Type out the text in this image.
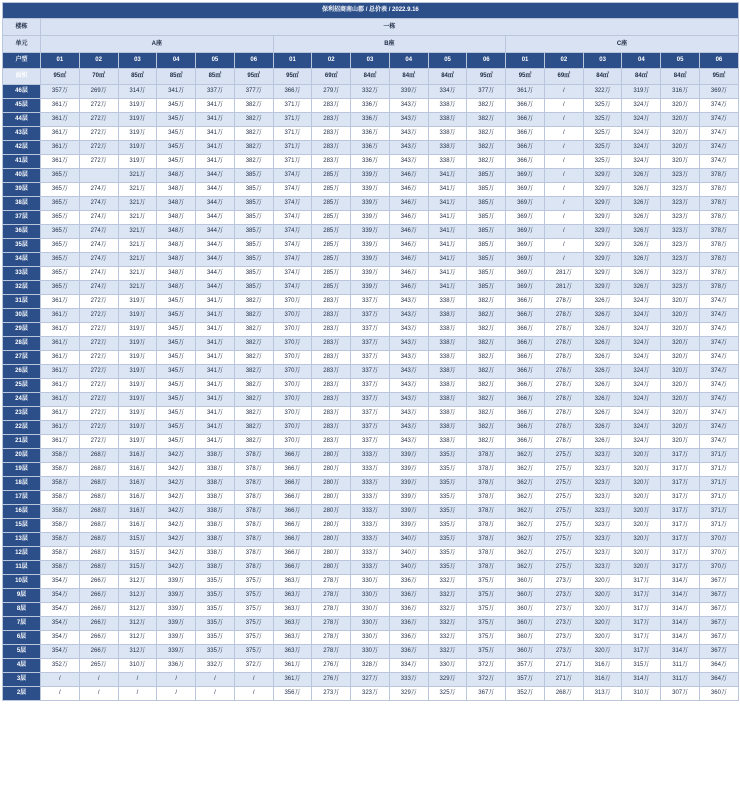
保利招商南山郡 / 总价表 / 2022.9.16																		
楼栋	一栋																	
单元	A座						B座						C座					
户型	01	02	03	04	05	06	01	02	03	04	05	06	01	02	03	04	05	06
面积	95㎡	70㎡	85㎡	85㎡	85㎡	95㎡	95㎡	69㎡	84㎡	84㎡	84㎡	95㎡	95㎡	69㎡	84㎡	84㎡	84㎡	95㎡
46层	357万	269万	314万	341万	337万	377万	366万	279万	332万	339万	334万	377万	361万	/	322万	319万	316万	369万
45层	361万	272万	319万	345万	341万	382万	371万	283万	336万	343万	338万	382万	366万	/	325万	324万	320万	374万
44层	361万	272万	319万	345万	341万	382万	371万	283万	336万	343万	338万	382万	366万	/	325万	324万	320万	374万
43层	361万	272万	319万	345万	341万	382万	371万	283万	336万	343万	338万	382万	366万	/	325万	324万	320万	374万
42层	361万	272万	319万	345万	341万	382万	371万	283万	336万	343万	338万	382万	366万	/	325万	324万	320万	374万
41层	361万	272万	319万	345万	341万	382万	371万	283万	336万	343万	338万	382万	366万	/	325万	324万	320万	374万
40层	365万		321万	348万	344万	385万	374万	285万	339万	346万	341万	385万	369万	/	329万	326万	323万	378万
39层	365万	274万	321万	348万	344万	385万	374万	285万	339万	346万	341万	385万	369万	/	329万	326万	323万	378万
38层	365万	274万	321万	348万	344万	385万	374万	285万	339万	346万	341万	385万	369万	/	329万	326万	323万	378万
37层	365万	274万	321万	348万	344万	385万	374万	285万	339万	346万	341万	385万	369万	/	329万	326万	323万	378万
36层	365万	274万	321万	348万	344万	385万	374万	285万	339万	346万	341万	385万	369万	/	329万	326万	323万	378万
35层	365万	274万	321万	348万	344万	385万	374万	285万	339万	346万	341万	385万	369万	/	329万	326万	323万	378万
34层	365万	274万	321万	348万	344万	385万	374万	285万	339万	346万	341万	385万	369万	/	329万	326万	323万	378万
33层	365万	274万	321万	348万	344万	385万	374万	285万	339万	346万	341万	385万	369万	281万	329万	326万	323万	378万
32层	365万	274万	321万	348万	344万	385万	374万	285万	339万	346万	341万	385万	369万	281万	329万	326万	323万	378万
31层	361万	272万	319万	345万	341万	382万	370万	283万	337万	343万	338万	382万	366万	278万	326万	324万	320万	374万
30层	361万	272万	319万	345万	341万	382万	370万	283万	337万	343万	338万	382万	366万	278万	326万	324万	320万	374万
29层	361万	272万	319万	345万	341万	382万	370万	283万	337万	343万	338万	382万	366万	278万	326万	324万	320万	374万
28层	361万	272万	319万	345万	341万	382万	370万	283万	337万	343万	338万	382万	366万	278万	326万	324万	320万	374万
27层	361万	272万	319万	345万	341万	382万	370万	283万	337万	343万	338万	382万	366万	278万	326万	324万	320万	374万
26层	361万	272万	319万	345万	341万	382万	370万	283万	337万	343万	338万	382万	366万	278万	326万	324万	320万	374万
25层	361万	272万	319万	345万	341万	382万	370万	283万	337万	343万	338万	382万	366万	278万	326万	324万	320万	374万
24层	361万	272万	319万	345万	341万	382万	370万	283万	337万	343万	338万	382万	366万	278万	326万	324万	320万	374万
23层	361万	272万	319万	345万	341万	382万	370万	283万	337万	343万	338万	382万	366万	278万	326万	324万	320万	374万
22层	361万	272万	319万	345万	341万	382万	370万	283万	337万	343万	338万	382万	366万	278万	326万	324万	320万	374万
21层	361万	272万	319万	345万	341万	382万	370万	283万	337万	343万	338万	382万	366万	278万	326万	324万	320万	374万
20层	358万	268万	316万	342万	338万	378万	366万	280万	333万	339万	335万	378万	362万	275万	323万	320万	317万	371万
19层	358万	268万	316万	342万	338万	378万	366万	280万	333万	339万	335万	378万	362万	275万	323万	320万	317万	371万
18层	358万	268万	316万	342万	338万	378万	366万	280万	333万	339万	335万	378万	362万	275万	323万	320万	317万	371万
17层	358万	268万	316万	342万	338万	378万	366万	280万	333万	339万	335万	378万	362万	275万	323万	320万	317万	371万
16层	358万	268万	316万	342万	338万	378万	366万	280万	333万	339万	335万	378万	362万	275万	323万	320万	317万	371万
15层	358万	268万	316万	342万	338万	378万	366万	280万	333万	339万	335万	378万	362万	275万	323万	320万	317万	371万
13层	358万	268万	315万	342万	338万	378万	366万	280万	333万	340万	335万	378万	362万	275万	323万	320万	317万	370万
12层	358万	268万	315万	342万	338万	378万	366万	280万	333万	340万	335万	378万	362万	275万	323万	320万	317万	370万
11层	358万	268万	315万	342万	338万	378万	366万	280万	333万	340万	335万	378万	362万	275万	323万	320万	317万	370万
10层	354万	266万	312万	339万	335万	375万	363万	278万	330万	336万	332万	375万	360万	273万	320万	317万	314万	367万
9层	354万	266万	312万	339万	335万	375万	363万	278万	330万	336万	332万	375万	360万	273万	320万	317万	314万	367万
8层	354万	266万	312万	339万	335万	375万	363万	278万	330万	336万	332万	375万	360万	273万	320万	317万	314万	367万
7层	354万	266万	312万	339万	335万	375万	363万	278万	330万	336万	332万	375万	360万	273万	320万	317万	314万	367万
6层	354万	266万	312万	339万	335万	375万	363万	278万	330万	336万	332万	375万	360万	273万	320万	317万	314万	367万
5层	354万	266万	312万	339万	335万	375万	363万	278万	330万	336万	332万	375万	360万	273万	320万	317万	314万	367万
4层	352万	265万	310万	336万	332万	372万	361万	276万	328万	334万	330万	372万	357万	271万	316万	315万	311万	364万
3层	/	/	/	/	/	/	361万	276万	327万	333万	329万	372万	357万	271万	316万	314万	311万	364万
2层	/	/	/	/	/	/	356万	273万	323万	329万	325万	367万	352万	268万	313万	310万	307万	360万
